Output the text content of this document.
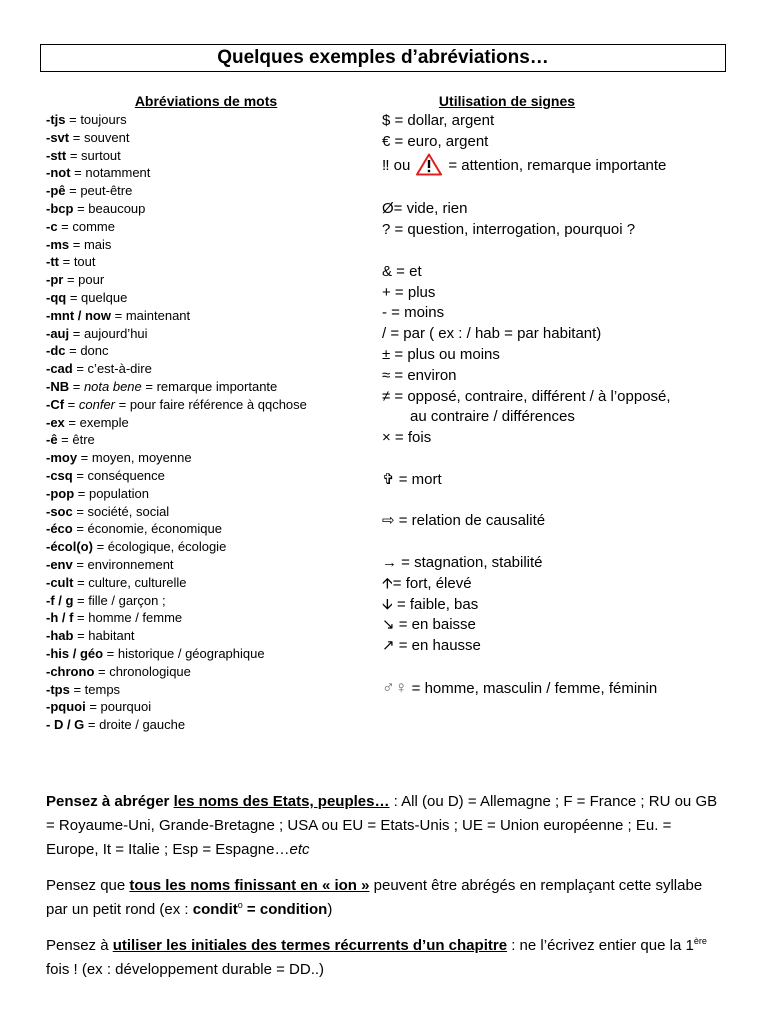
Quelques exemples d’abréviations…
Abréviations de mots
-tjs = toujours
-svt = souvent
-stt = surtout
-not = notamment
-pê = peut-être
-bcp = beaucoup
-c = comme
-ms = mais
-tt = tout
-pr = pour
-qq = quelque
-mnt / now = maintenant
-auj = aujourd’hui
-dc = donc
-cad = c’est-à-dire
-NB = nota bene = remarque importante
-Cf = confer = pour faire référence à qqchose
-ex = exemple
-ê = être
-moy = moyen, moyenne
-csq = conséquence
-pop = population
-soc = société, social
-éco = économie, économique
-écol(o) = écologique, écologie
-env = environnement
-cult = culture, culturelle
-f / g = fille / garçon ;
-h / f = homme / femme
-hab = habitant
-his / géo = historique / géographique
-chrono = chronologique
-tps = temps
-pquoi = pourquoi
- D / G = droite / gauche
Utilisation de signes
$ = dollar, argent
€ = euro, argent
‼ ou	= attention, remarque importante
Ø= vide, rien
? = question, interrogation, pourquoi ?
& = et
+ = plus
- = moins
/ = par ( ex : / hab = par habitant)
± = plus ou moins
≈ = environ
≠ = opposé, contraire, différent / à l’opposé,
au contraire / différences
× = fois
✞ = mort
⇨ = relation de causalité
→ = stagnation, stabilité
🡩= fort, élevé
🡫 = faible, bas
↘ = en baisse
↗ = en hausse
♂♀ = homme, masculin / femme, féminin

Pensez à abréger les noms des Etats, peuples… : All (ou D) = Allemagne ; F = France ; RU ou GB = Royaume-Uni, Grande-Bretagne ; USA ou EU = Etats-Unis ; UE = Union européenne ; Eu. = Europe, It = Italie ; Esp = Espagne…etc

Pensez que tous les noms finissant en « ion » peuvent être abrégés en remplaçant cette syllabe par un petit rond (ex : condit$^o$ = condition)

Pensez à utiliser les initiales des termes récurrents d’un chapitre : ne l’écrivez entier que la 1ère fois ! (ex : développement durable = DD..)
